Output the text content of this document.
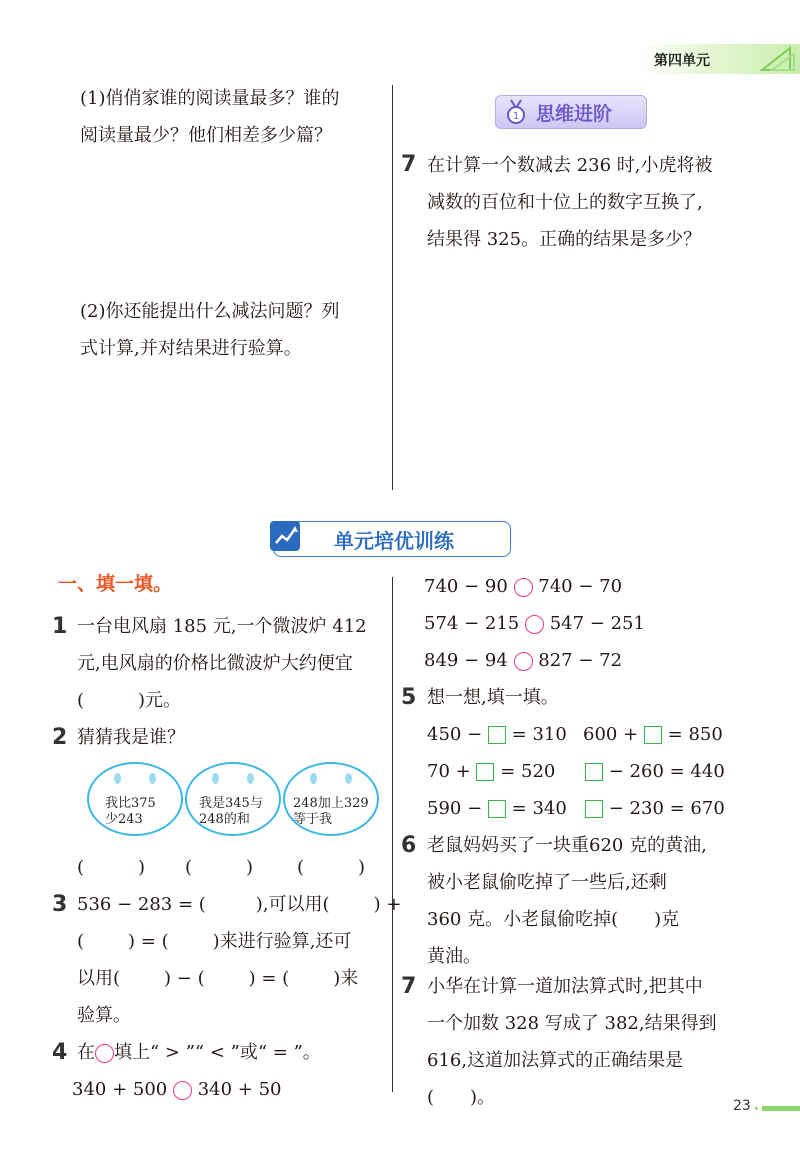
第四单元
(1)俏俏家谁的阅读量最多？谁的
阅读量最少？他们相差多少篇？
(2)你还能提出什么减法问题？列
式计算,并对结果进行验算。
1 思维进阶
7 在计算一个数减去 236 时,小虎将被
减数的百位和十位上的数字互换了,
结果得 325。正确的结果是多少？
单元培优训练
一、填一填。
1 一台电风扇 185 元,一个微波炉 412
元,电风扇的价格比微波炉大约便宜
(　　　)元。
2 猜猜我是谁？
我比375
少243
我是345与
248的和
248加上329
等于我
(　　　) (　　　) (　　　)
3 536 − 283 = (	),可以用( ) +
( ) = ( )来进行验算,还可
以用( ) − ( ) = ( )来
验算。
4 在 填上“ > ”“ < ”或“ = ”。
340 + 500 340 + 50
740 − 90 740 − 70
574 − 215 547 − 251
849 − 94 827 − 72
5 想一想,填一填。
450 − = 310 600 + = 850
70 + = 520	− 260 = 440
590 − = 340	− 230 = 670
6 老鼠妈妈买了一块重620 克的黄油,
被小老鼠偷吃掉了一些后,还剩
360 克。小老鼠偷吃掉(　　)克
黄油。
7 小华在计算一道加法算式时,把其中
一个加数 328 写成了 382,结果得到
616,这道加法算式的正确结果是
(　　)。	23
